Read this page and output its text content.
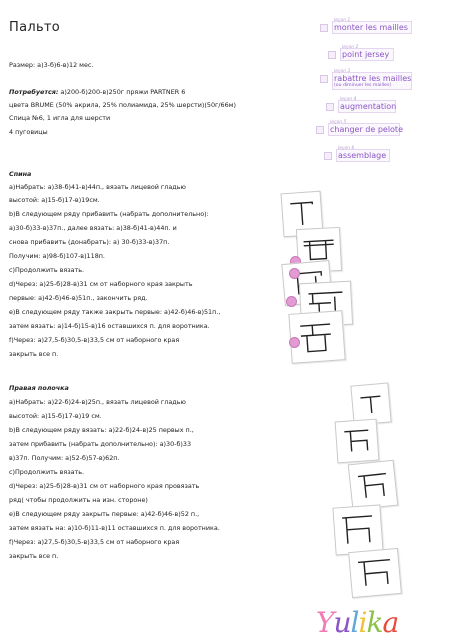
Пальто
Размер: а)3-б)6-в)12 мес.
Потребуется: а)200-б)200-в)250г пряжи PARTNER 6
цвета BRUME (50% акрила, 25% полиамида, 25% шерсти)(50г/66м)
Спица №6, 1 игла для шерсти
4 пуговицы
Спина
а)Набрать: а)38-б)41-в)44п., вязать лицевой гладью
высотой: а)15-б)17-в)19см.
b)В следующем ряду прибавить (набрать дополнительно):
а)30-б)33-в)37п., далее вязать: а)38-б)41-в)44п. и
снова прибавить (донабрать): а) 30-б)33-в)37п.
Получим: а)98-б)107-в)118п.
c)Продолжить вязать.
d)Через: а)25-б)28-в)31 см от наборного края закрыть
первые: а)42-б)46-в)51п., закончить ряд.
e)В следующем ряду также закрыть первые: а)42-б)46-в)51п.,
затем вязать: а)14-б)15-в)16 оставшихся п. для воротника.
f)Через: а)27,5-б)30,5-в)33,5 см от наборного края
закрыть все п.
Правая полочка
а)Набрать: а)22-б)24-в)25п., вязать лицевой гладью
высотой: а)15-б)17-в)19 см.
b)В следующем ряду вязать: а)22-б)24-в)25 первых п.,
затем прибавить (набрать дополнительно): а)30-б)33
в)37п. Получим: а)52-б)57-в)62п.
c)Продолжить вязать.
d)Через: а)25-б)28-в)31 см от наборного края провязать
ряд( чтобы продолжить на изн. стороне)
e)В следующем ряду закрыть первые: а)42-б)46-в)52 п.,
затем вязать на: а)10-б)11-в)11 оставшихся п. для воротника.
f)Через: а)27,5-б)30,5-в)33,5 см от наборного края
закрыть все п.
leçon 1
monter les mailles
leçon 2
point jersey
leçon 3
rabattre les mailles
(ou diminuer les mailles)
leçon 4
augmentation
leçon 5
changer de pelote
leçon 6
assemblage
Yulika
